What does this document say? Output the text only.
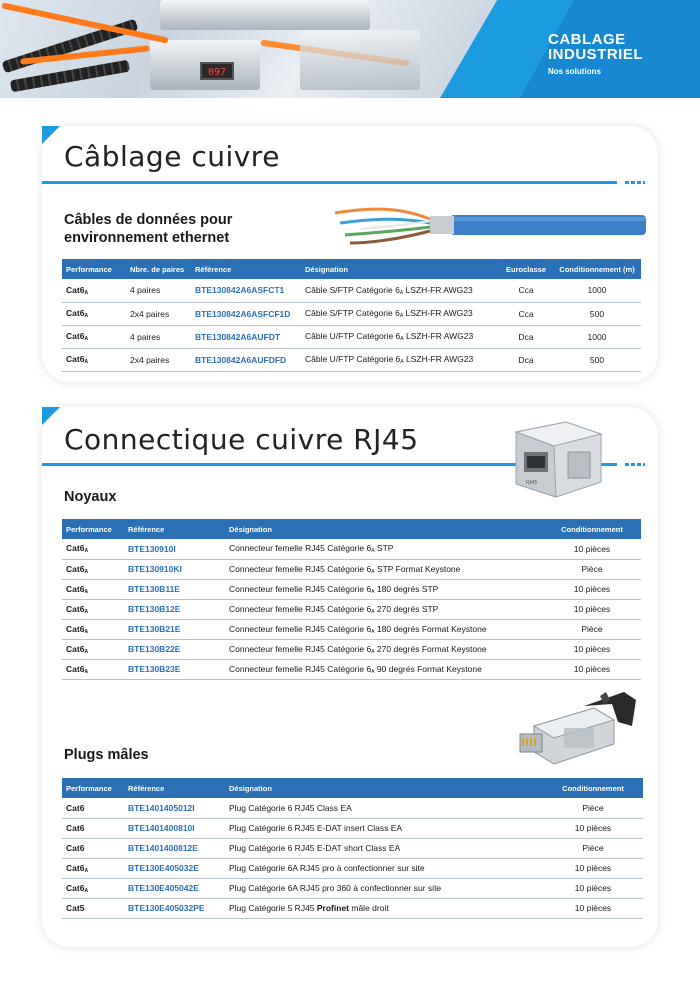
097
CABLAGE
INDUSTRIEL
Nos solutions
Câblage cuivre
Câbles de données pour
environnement ethernet
Performance	Nbre. de paires	Référence	Désignation	Euroclasse	Conditionnement (m)
$Cat6_A$	4 paires	BTE130842A6ASFCT1	Câble S/FTP Catégorie $6_A$ LSZH-FR AWG23	Cca	1000
$Cat6_A$	2x4 paires	BTE130842A6ASFCF1D	Câble S/FTP Catégorie $6_A$ LSZH-FR AWG23	Cca	500
$Cat6_A$	4 paires	BTE130842A6AUFDT	Câble U/FTP Catégorie $6_A$ LSZH-FR AWG23	Dca	1000
$Cat6_A$	2x4 paires	BTE130842A6AUFDFD	Câble U/FTP Catégorie $6_A$ LSZH-FR AWG23	Dca	500
Connectique cuivre RJ45
RJ45
Noyaux
Performance	Référence	Désignation	Conditionnement
$Cat6_A$	BTE130910I	Connecteur femelle RJ45 Catégorie $6_A$ STP	10 pièces
$Cat6_A$	BTE130910KI	Connecteur femelle RJ45 Catégorie $6_A$ STP Format Keystone	Pièce
$Cat6_A$	BTE130B11E	Connecteur femelle RJ45 Catégorie $6_A$ 180 degrés STP	10 pièces
$Cat6_A$	BTE130B12E	Connecteur femelle RJ45 Catégorie $6_A$ 270 degrés STP	10 pièces
$Cat6_A$	BTE130B21E	Connecteur femelle RJ45 Catégorie $6_A$ 180 degrés Format Keystone	Pièce
$Cat6_A$	BTE130B22E	Connecteur femelle RJ45 Catégorie $6_A$ 270 degrés Format Keystone	10 pièces
$Cat6_A$	BTE130B23E	Connecteur femelle RJ45 Catégorie $6_A$ 90 degrés Format Keystone	10 pièces
Plugs mâles
Performance	Référence	Désignation	Conditionnement
Cat6	BTE1401405012I	Plug Catégorie 6 RJ45 Class EA	Pièce
Cat6	BTE1401400810I	Plug Catégorie 6 RJ45 E-DAT insert Class EA	10 pièces
Cat6	BTE1401400812E	Plug Catégorie 6 RJ45 E-DAT short Class EA	Pièce
$Cat6_A$	BTE130E405032E	Plug Catégorie 6A RJ45 pro à confectionner sur site	10 pièces
$Cat6_A$	BTE130E405042E	Plug Catégorie 6A RJ45 pro 360 à confectionner sur site	10 pièces
Cat5	BTE130E405032PE	Plug Catégorie 5 RJ45 Profinet mâle droit	10 pièces
